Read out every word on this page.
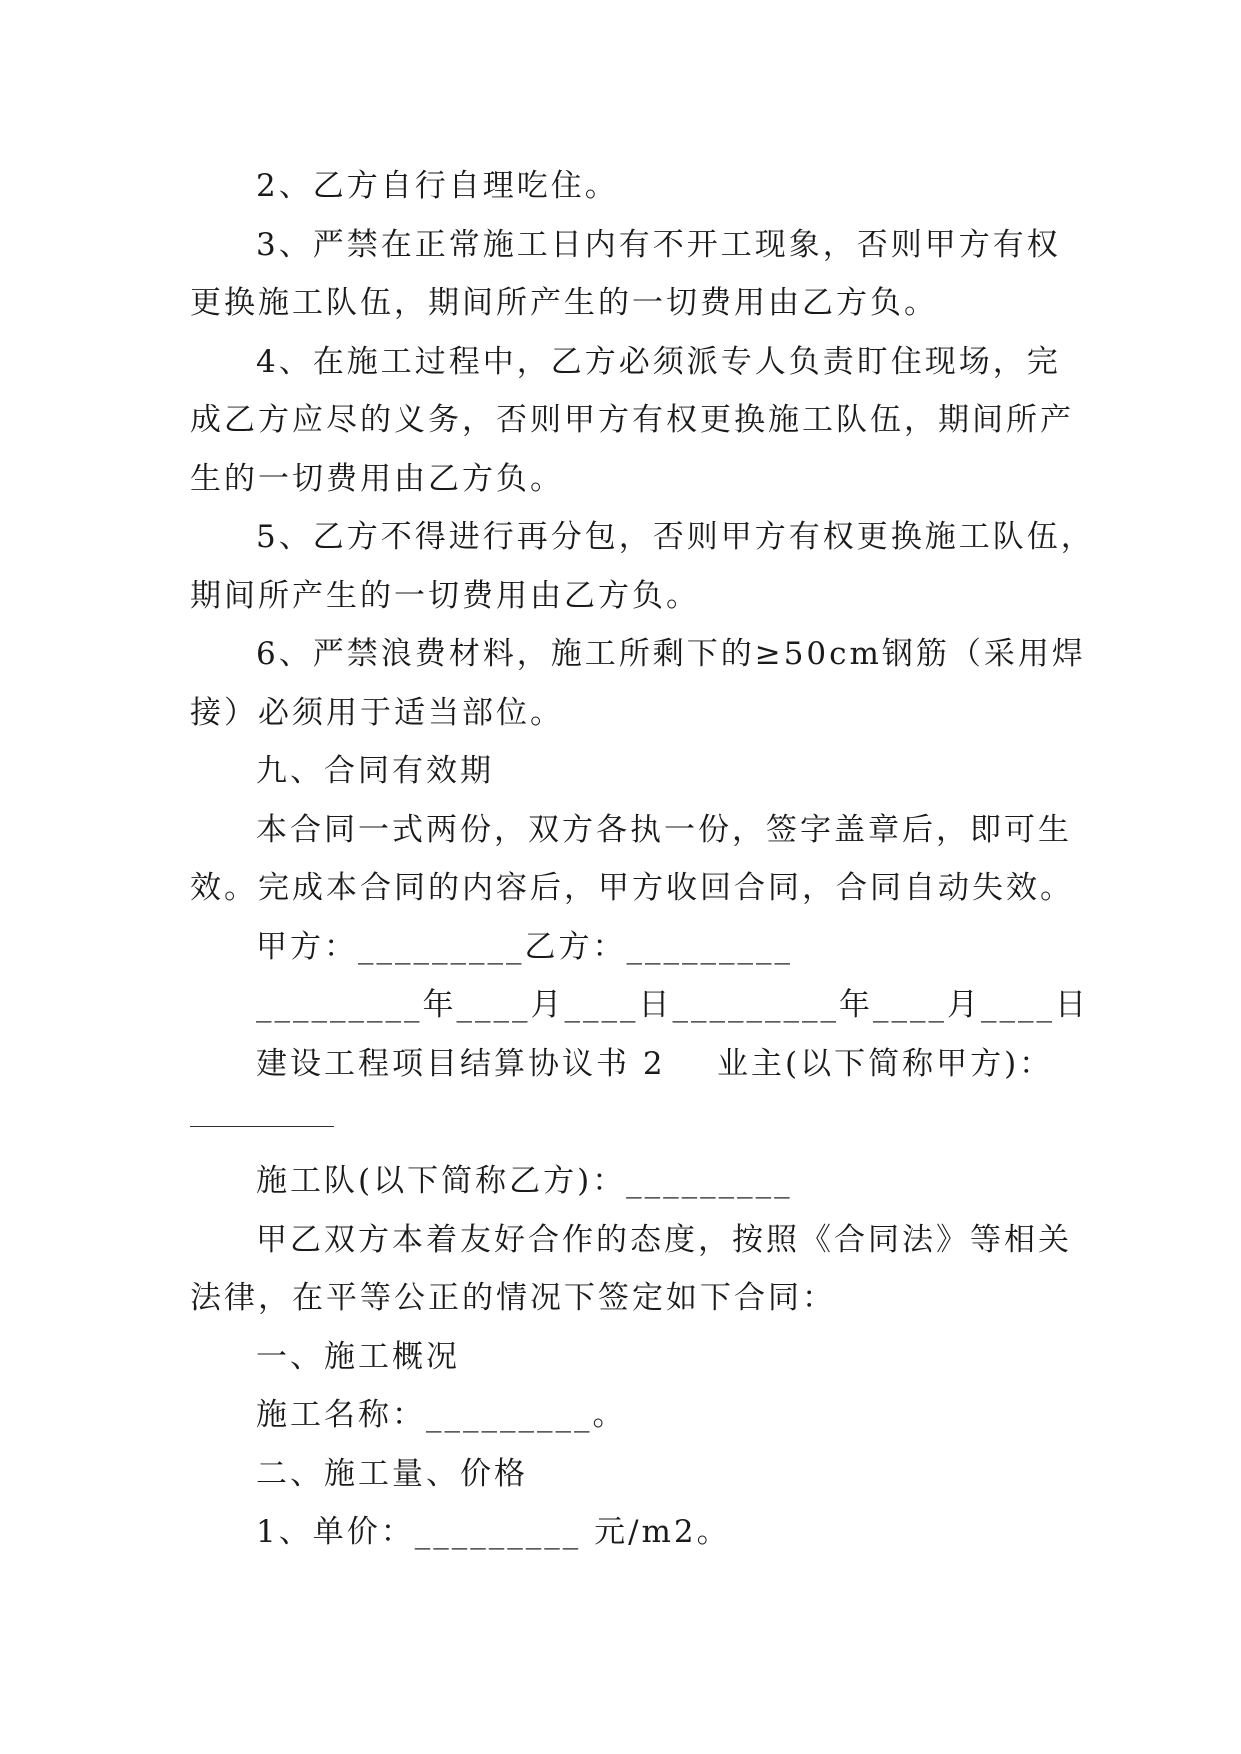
2、乙方自行自理吃住。
3、严禁在正常施工日内有不开工现象，否则甲方有权
更换施工队伍，期间所产生的一切费用由乙方负。
4、在施工过程中，乙方必须派专人负责盯住现场，完
成乙方应尽的义务，否则甲方有权更换施工队伍，期间所产
生的一切费用由乙方负。
5、乙方不得进行再分包，否则甲方有权更换施工队伍，
期间所产生的一切费用由乙方负。
6、严禁浪费材料，施工所剩下的≥50cm钢筋（采用焊
接）必须用于适当部位。
九、合同有效期
本合同一式两份，双方各执一份，签字盖章后，即可生
效。完成本合同的内容后，甲方收回合同，合同自动失效。
甲方：_________乙方：_________
_________年____月____日_________年____月____日
建设工程项目结算协议书 2    业主(以下简称甲方)：
施工队(以下简称乙方)：_________
甲乙双方本着友好合作的态度，按照《合同法》等相关
法律，在平等公正的情况下签定如下合同：
一、施工概况
施工名称：_________。
二、施工量、价格
1、单价：_________ 元/m2。
